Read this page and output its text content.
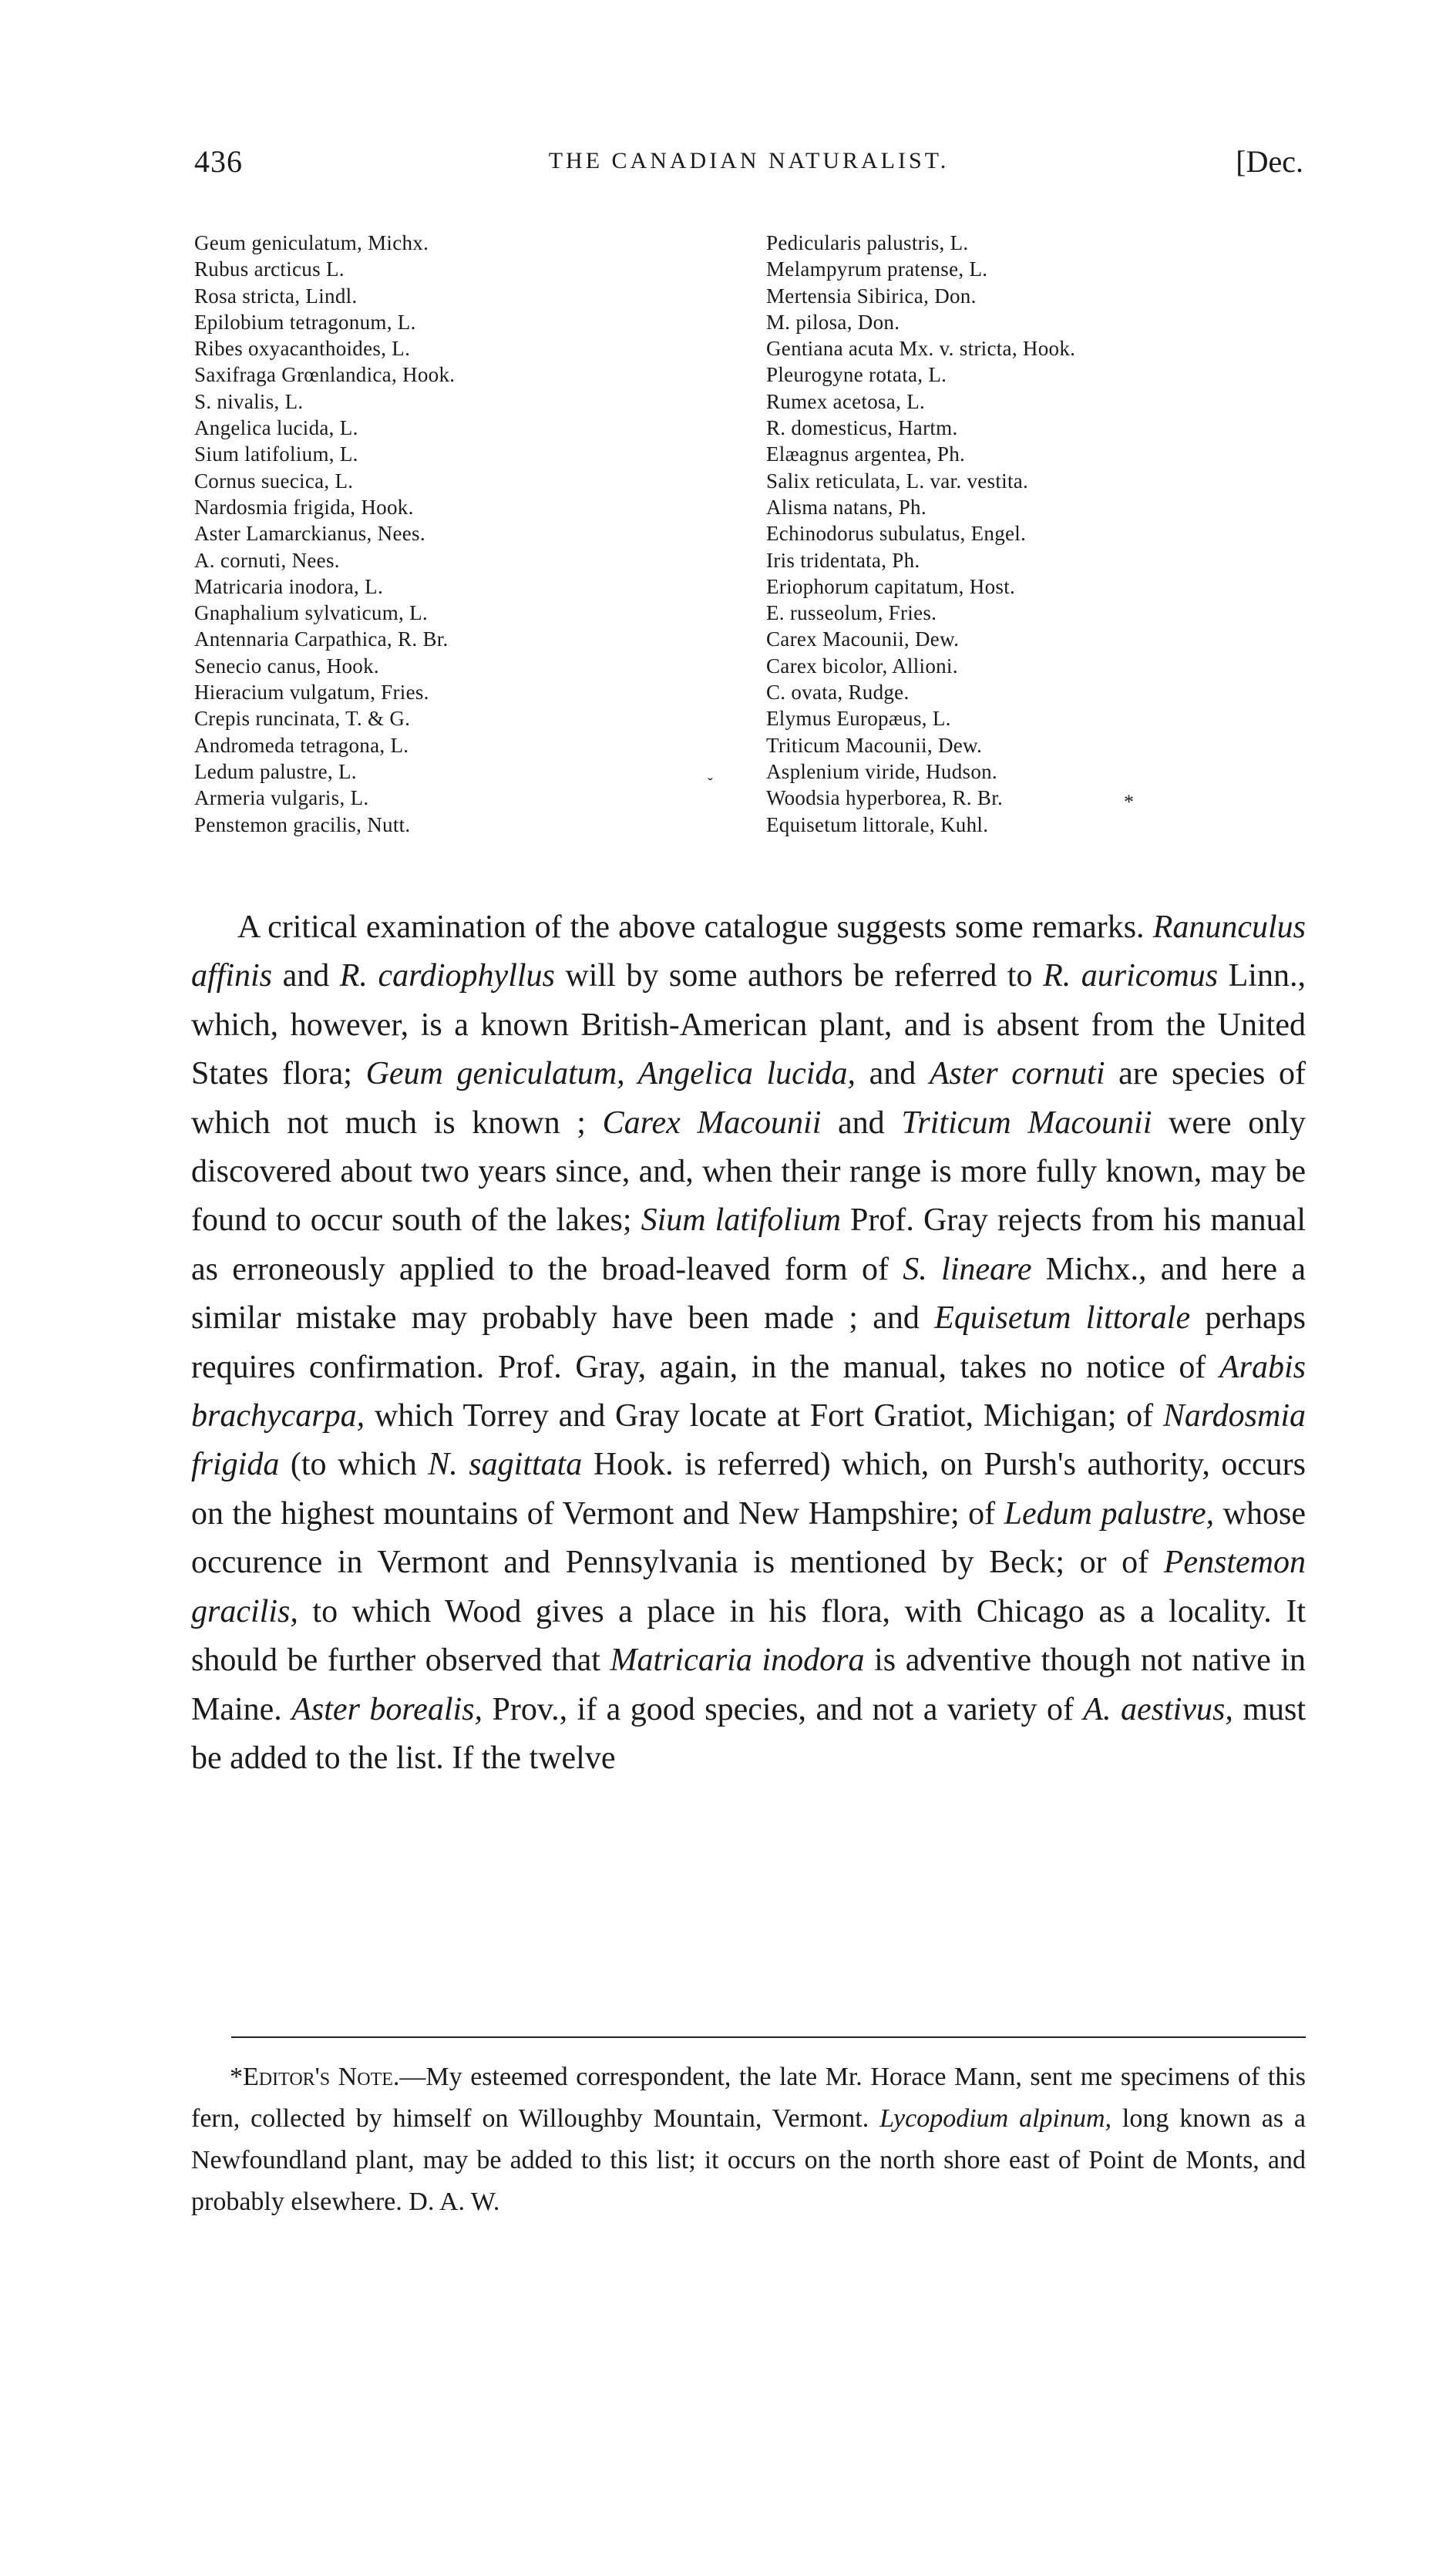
436	THE CANADIAN NATURALIST.	[Dec.
Geum geniculatum, Michx.
Rubus arcticus L.
Rosa stricta, Lindl.
Epilobium tetragonum, L.
Ribes oxyacanthoides, L.
Saxifraga Grœnlandica, Hook.
S. nivalis, L.
Angelica lucida, L.
Sium latifolium, L.
Cornus suecica, L.
Nardosmia frigida, Hook.
Aster Lamarckianus, Nees.
A. cornuti, Nees.
Matricaria inodora, L.
Gnaphalium sylvaticum, L.
Antennaria Carpathica, R. Br.
Senecio canus, Hook.
Hieracium vulgatum, Fries.
Crepis runcinata, T. & G.
Andromeda tetragona, L.
Ledum palustre, L.
Armeria vulgaris, L.
Penstemon gracilis, Nutt.
Pedicularis palustris, L.
Melampyrum pratense, L.
Mertensia Sibirica, Don.
M. pilosa, Don.
Gentiana acuta Mx. v. stricta, Hook.
Pleurogyne rotata, L.
Rumex acetosa, L.
R. domesticus, Hartm.
Elæagnus argentea, Ph.
Salix reticulata, L. var. vestita.
Alisma natans, Ph.
Echinodorus subulatus, Engel.
Iris tridentata, Ph.
Eriophorum capitatum, Host.
E. russeolum, Fries.
Carex Macounii, Dew.
Carex bicolor, Allioni.
C. ovata, Rudge.
Elymus Europæus, L.
Triticum Macounii, Dew.
Asplenium viride, Hudson.
Woodsia hyperborea, R. Br.
Equisetum littorale, Kuhl.
ˇ
*

A critical examination of the above catalogue suggests some remarks. Ranunculus affinis and R. cardiophyllus will by some authors be referred to R. auricomus Linn., which, however, is a known British-American plant, and is absent from the United States flora; Geum geniculatum, Angelica lucida, and Aster cornuti are species of which not much is known ; Carex Macounii and Triticum Macounii were only discovered about two years since, and, when their range is more fully known, may be found to occur south of the lakes; Sium latifolium Prof. Gray rejects from his manual as erroneously applied to the broad-leaved form of S. lineare Michx., and here a similar mistake may probably have been made ; and Equisetum littorale perhaps requires confirmation. Prof. Gray, again, in the manual, takes no notice of Arabis brachycarpa, which Torrey and Gray locate at Fort Gratiot, Michigan; of Nardosmia frigida (to which N. sagittata Hook. is referred) which, on Pursh's authority, occurs on the highest mountains of Vermont and New Hampshire; of Ledum palustre, whose occurence in Vermont and Pennsylvania is mentioned by Beck; or of Penstemon gracilis, to which Wood gives a place in his flora, with Chicago as a locality. It should be further observed that Matricaria inodora is adventive though not native in Maine. Aster borealis, Prov., if a good species, and not a variety of A. aestivus, must be added to the list. If the twelve

*Editor's Note.—My esteemed correspondent, the late Mr. Horace Mann, sent me specimens of this fern, collected by himself on Willoughby Mountain, Vermont. Lycopodium alpinum, long known as a Newfoundland plant, may be added to this list; it occurs on the north shore east of Point de Monts, and probably elsewhere. D. A. W.
